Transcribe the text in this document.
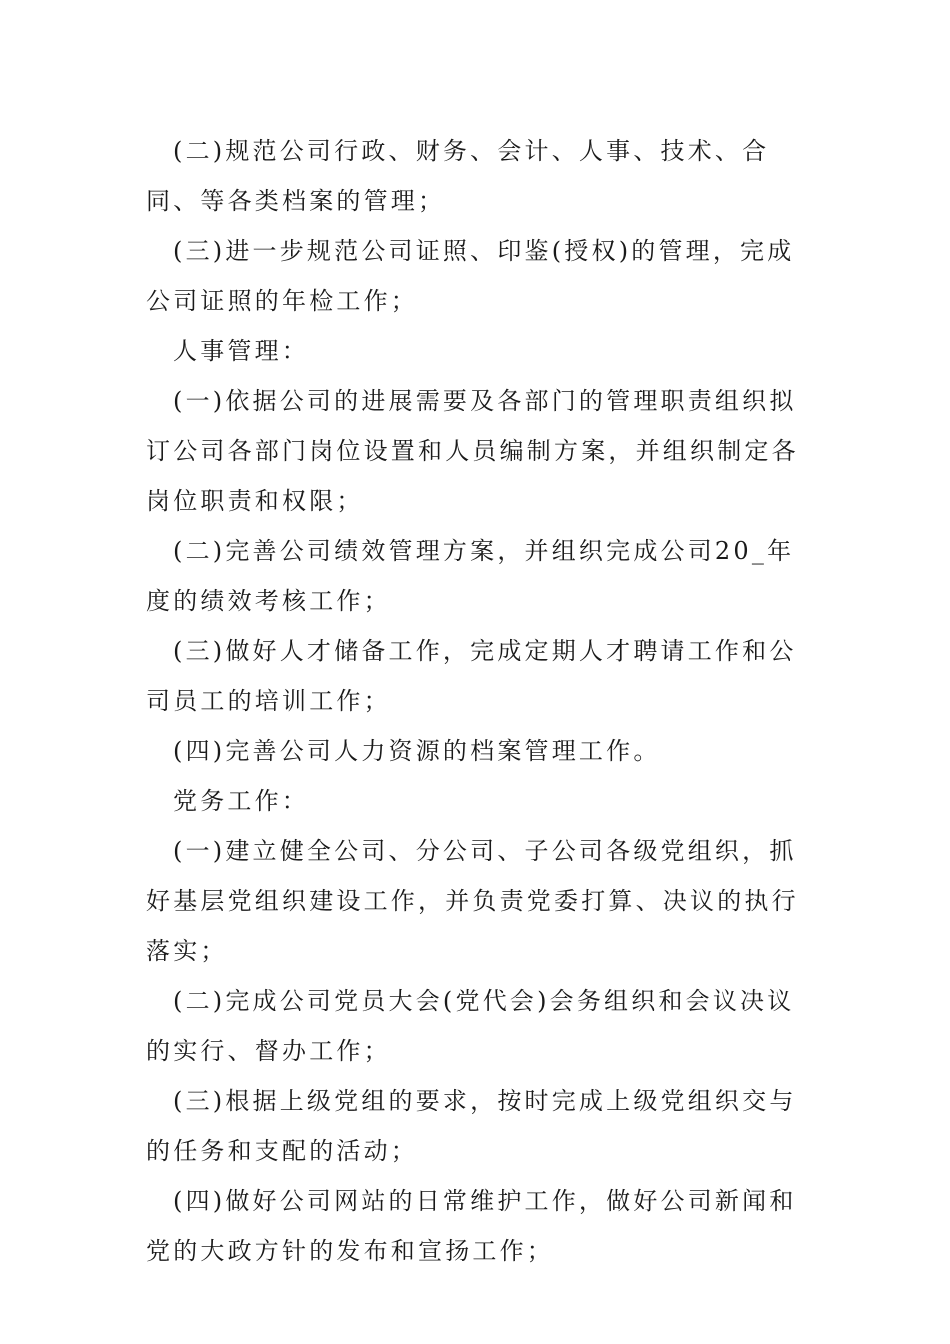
(二)规范公司行政、财务、会计、人事、技术、合同、等各类档案的管理；

(三)进一步规范公司证照、印鉴(授权)的管理，完成公司证照的年检工作；

人事管理：

(一)依据公司的进展需要及各部门的管理职责组织拟订公司各部门岗位设置和人员编制方案，并组织制定各岗位职责和权限；

(二)完善公司绩效管理方案，并组织完成公司20_年度的绩效考核工作；

(三)做好人才储备工作，完成定期人才聘请工作和公司员工的培训工作；

(四)完善公司人力资源的档案管理工作。

党务工作：

(一)建立健全公司、分公司、子公司各级党组织，抓好基层党组织建设工作，并负责党委打算、决议的执行落实；

(二)完成公司党员大会(党代会)会务组织和会议决议的实行、督办工作；

(三)根据上级党组的要求，按时完成上级党组织交与的任务和支配的活动；

(四)做好公司网站的日常维护工作，做好公司新闻和党的大政方针的发布和宣扬工作；
